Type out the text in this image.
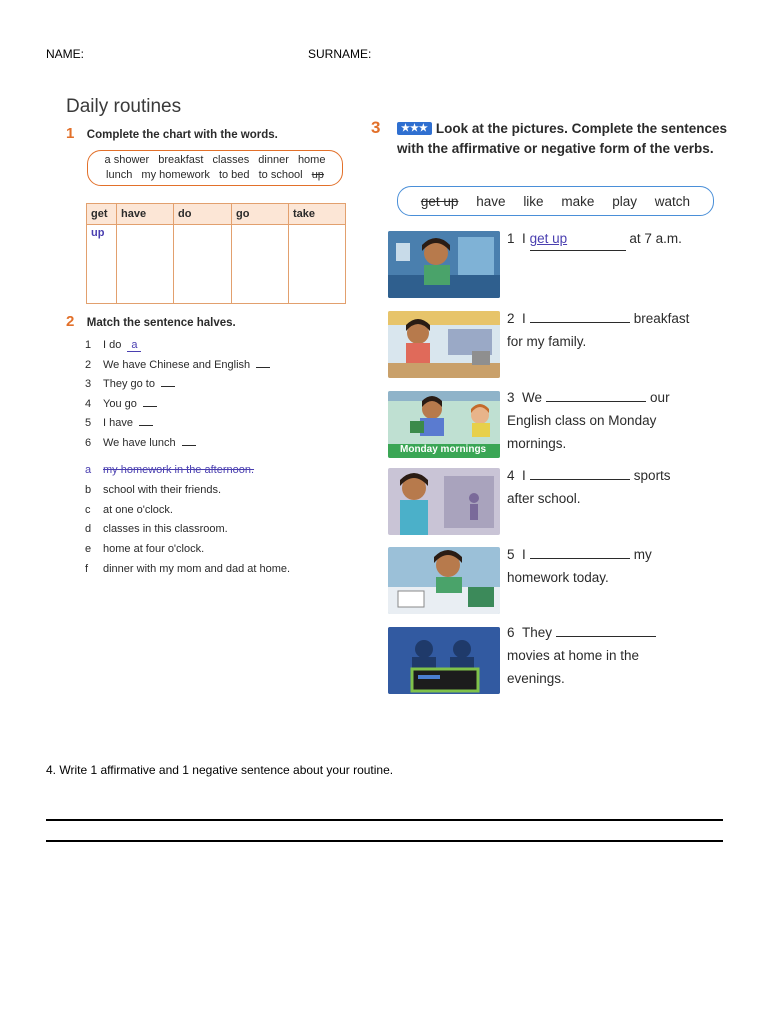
NAME:	SURNAME:
Daily routines
1 Complete the chart with the words.
a shower breakfast classes dinner home
lunch my homework to bed to school up
get	have	do	go	take
up				
2 Match the sentence halves.
1 I do a
2 We have Chinese and English
3 They go to
4 You go
5 I have
6 We have lunch
a my homework in the afternoon.
b school with their friends.
c at one o'clock.
d classes in this classroom.
e home at four o'clock.
f dinner with my mom and dad at home.
3	★★★ Look at the pictures. Complete the sentences with the affirmative or negative form of the verbs.
get up have like make play watch
Monday mornings
1 I get up	at 7 a.m.
2 I	breakfast
for my family.
3 We	our
English class on Monday
mornings.
4 I	sports
after school.
5 I	my
homework today.
6 They
movies at home in the
evenings.
4. Write 1 affirmative and 1 negative sentence about your routine.
